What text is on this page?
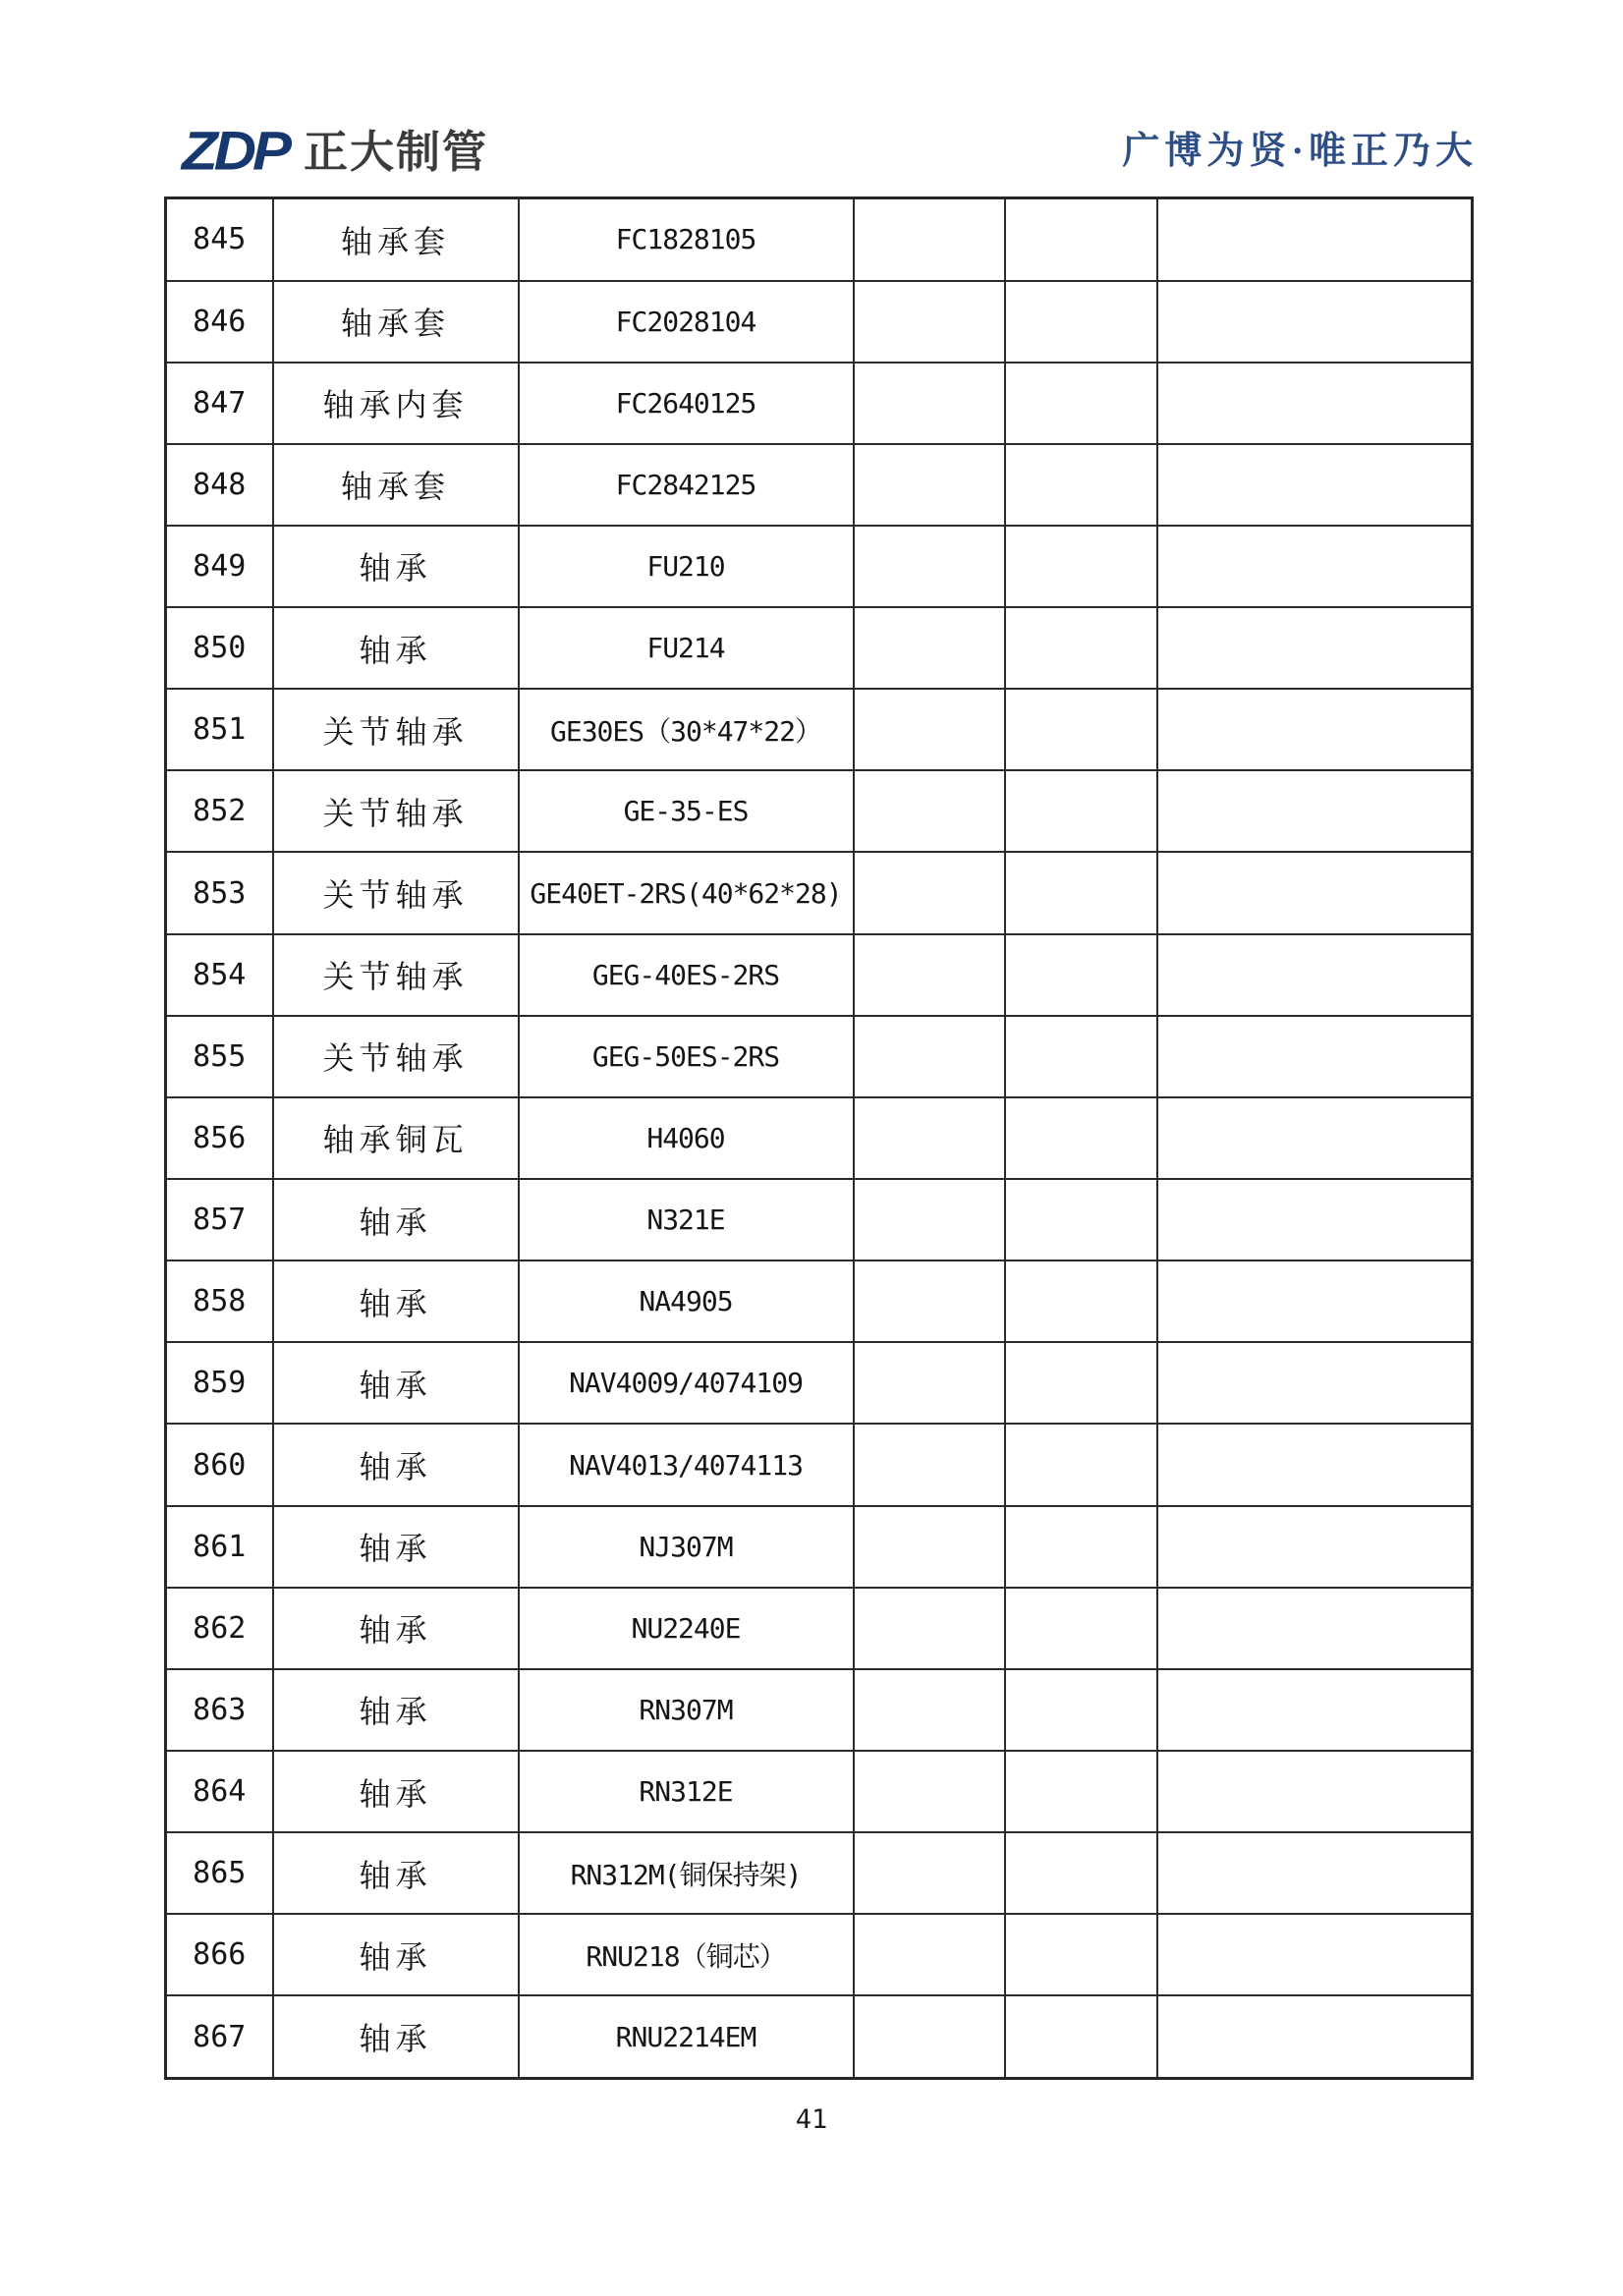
ZDP 正大制管	广博为贤·唯正乃大
845	轴承套	FC1828105			
846	轴承套	FC2028104			
847	轴承内套	FC2640125			
848	轴承套	FC2842125			
849	轴承	FU210			
850	轴承	FU214			
851	关节轴承	GE30ES（30*47*22）			
852	关节轴承	GE-35-ES			
853	关节轴承	GE40ET-2RS(40*62*28)			
854	关节轴承	GEG-40ES-2RS			
855	关节轴承	GEG-50ES-2RS			
856	轴承铜瓦	H4060			
857	轴承	N321E			
858	轴承	NA4905			
859	轴承	NAV4009/4074109			
860	轴承	NAV4013/4074113			
861	轴承	NJ307M			
862	轴承	NU2240E			
863	轴承	RN307M			
864	轴承	RN312E			
865	轴承	RN312M(铜保持架)			
866	轴承	RNU218（铜芯）			
867	轴承	RNU2214EM			
41
